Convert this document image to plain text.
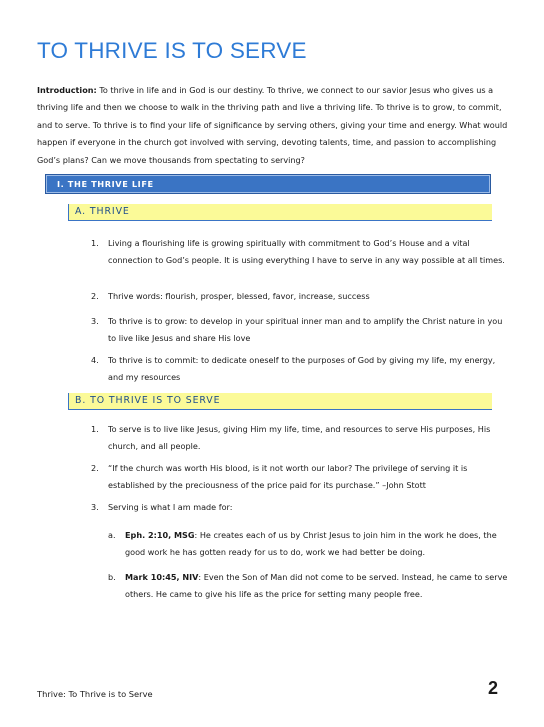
TO THRIVE IS TO SERVE

Introduction: To thrive in life and in God is our destiny. To thrive, we connect to our savior Jesus who gives us a thriving life and then we choose to walk in the thriving path and live a thriving life. To thrive is to grow, to commit, and to serve. To thrive is to find your life of significance by serving others, giving your time and energy. What would happen if everyone in the church got involved with serving, devoting talents, time, and passion to accomplishing God’s plans? Can we move thousands from spectating to serving?

I. THE THRIVE LIFE
A. THRIVE
1. Living a flourishing life is growing spiritually with commitment to God’s House and a vital connection to God’s people. It is using everything I have to serve in any way possible at all times.
2. Thrive words: flourish, prosper, blessed, favor, increase, success
3. To thrive is to grow: to develop in your spiritual inner man and to amplify the Christ nature in you to live like Jesus and share His love
4. To thrive is to commit: to dedicate oneself to the purposes of God by giving my life, my energy, and my resources
B. TO THRIVE IS TO SERVE
1. To serve is to live like Jesus, giving Him my life, time, and resources to serve His purposes, His church, and all people.
2. “If the church was worth His blood, is it not worth our labor? The privilege of serving it is established by the preciousness of the price paid for its purchase.” –John Stott
3. Serving is what I am made for:
a. Eph. 2:10, MSG: He creates each of us by Christ Jesus to join him in the work he does, the good work he has gotten ready for us to do, work we had better be doing.
b. Mark 10:45, NIV: Even the Son of Man did not come to be served. Instead, he came to serve others. He came to give his life as the price for setting many people free.
Thrive: To Thrive is to Serve	2
